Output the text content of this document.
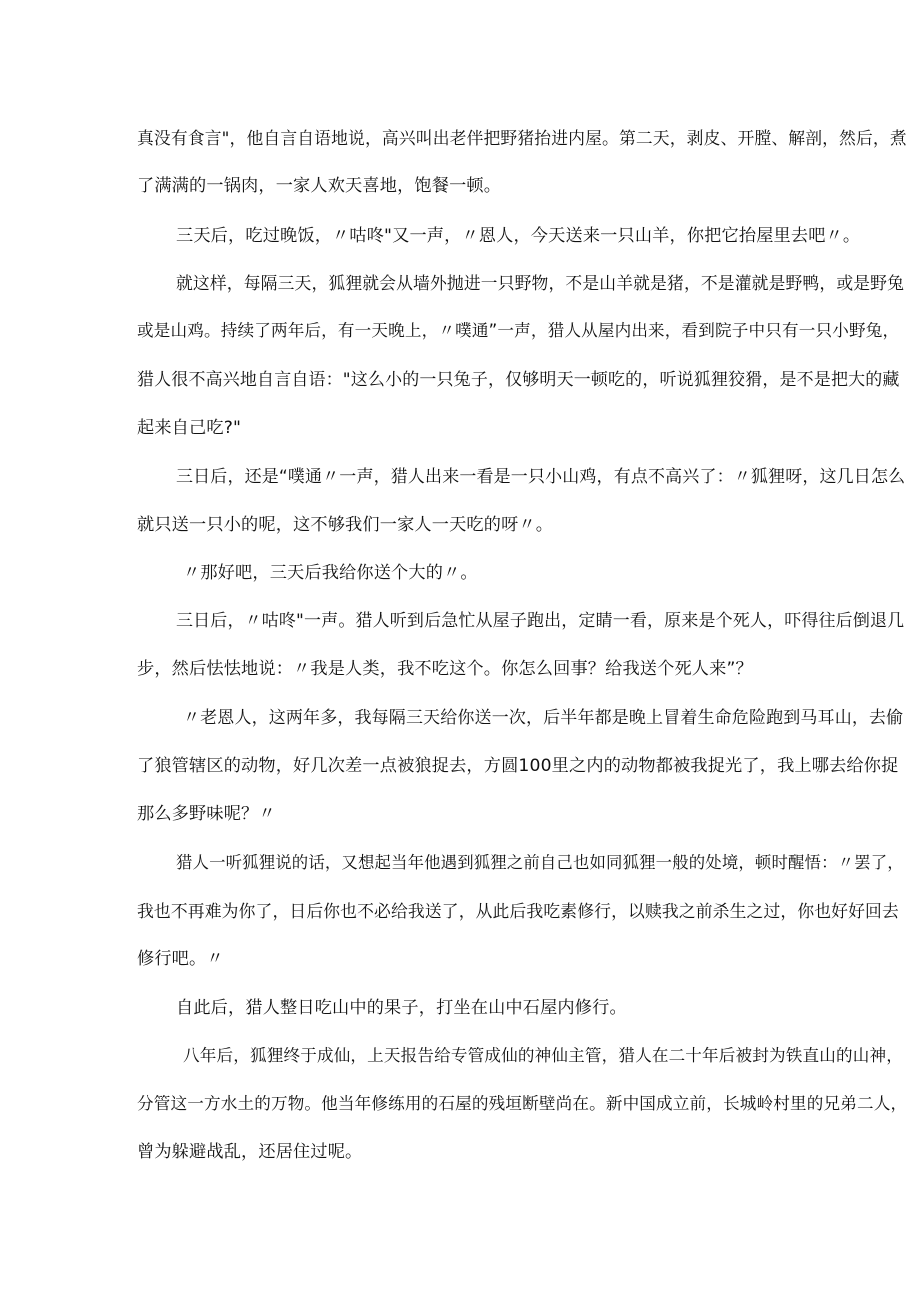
真没有食言"，他自言自语地说，高兴叫出老伴把野猪抬进内屋。第二天，剥皮、开膛、解剖，然后，煮
了满满的一锅肉，一家人欢天喜地，饱餐一顿。
三天后，吃过晚饭，〃咕咚"又一声，〃恩人，今天送来一只山羊，你把它抬屋里去吧〃。
就这样，每隔三天，狐狸就会从墙外抛进一只野物，不是山羊就是猪，不是灌就是野鸭，或是野兔
或是山鸡。持续了两年后，有一天晚上，〃噗通”一声，猎人从屋内出来，看到院子中只有一只小野兔，
猎人很不高兴地自言自语："这么小的一只兔子，仅够明天一顿吃的，听说狐狸狡猾，是不是把大的藏
起来自己吃?"
三日后，还是“噗通〃一声，猎人出来一看是一只小山鸡，有点不高兴了：〃狐狸呀，这几日怎么
就只送一只小的呢，这不够我们一家人一天吃的呀〃。
〃那好吧，三天后我给你送个大的〃。
三日后，〃咕咚"一声。猎人听到后急忙从屋子跑出，定睛一看，原来是个死人，吓得往后倒退几
步，然后怯怯地说：〃我是人类，我不吃这个。你怎么回事？给我送个死人来”？
〃老恩人，这两年多，我每隔三天给你送一次，后半年都是晚上冒着生命危险跑到马耳山，去偷
了狼管辖区的动物，好几次差一点被狼捉去，方圆100里之内的动物都被我捉光了，我上哪去给你捉
那么多野味呢？〃
猎人一听狐狸说的话，又想起当年他遇到狐狸之前自己也如同狐狸一般的处境，顿时醒悟：〃罢了，
我也不再难为你了，日后你也不必给我送了，从此后我吃素修行，以赎我之前杀生之过，你也好好回去
修行吧。〃
自此后，猎人整日吃山中的果子，打坐在山中石屋内修行。
八年后，狐狸终于成仙，上天报告给专管成仙的神仙主管，猎人在二十年后被封为铁直山的山神，
分管这一方水土的万物。他当年修练用的石屋的残垣断壁尚在。新中国成立前，长城岭村里的兄弟二人，
曾为躲避战乱，还居住过呢。
